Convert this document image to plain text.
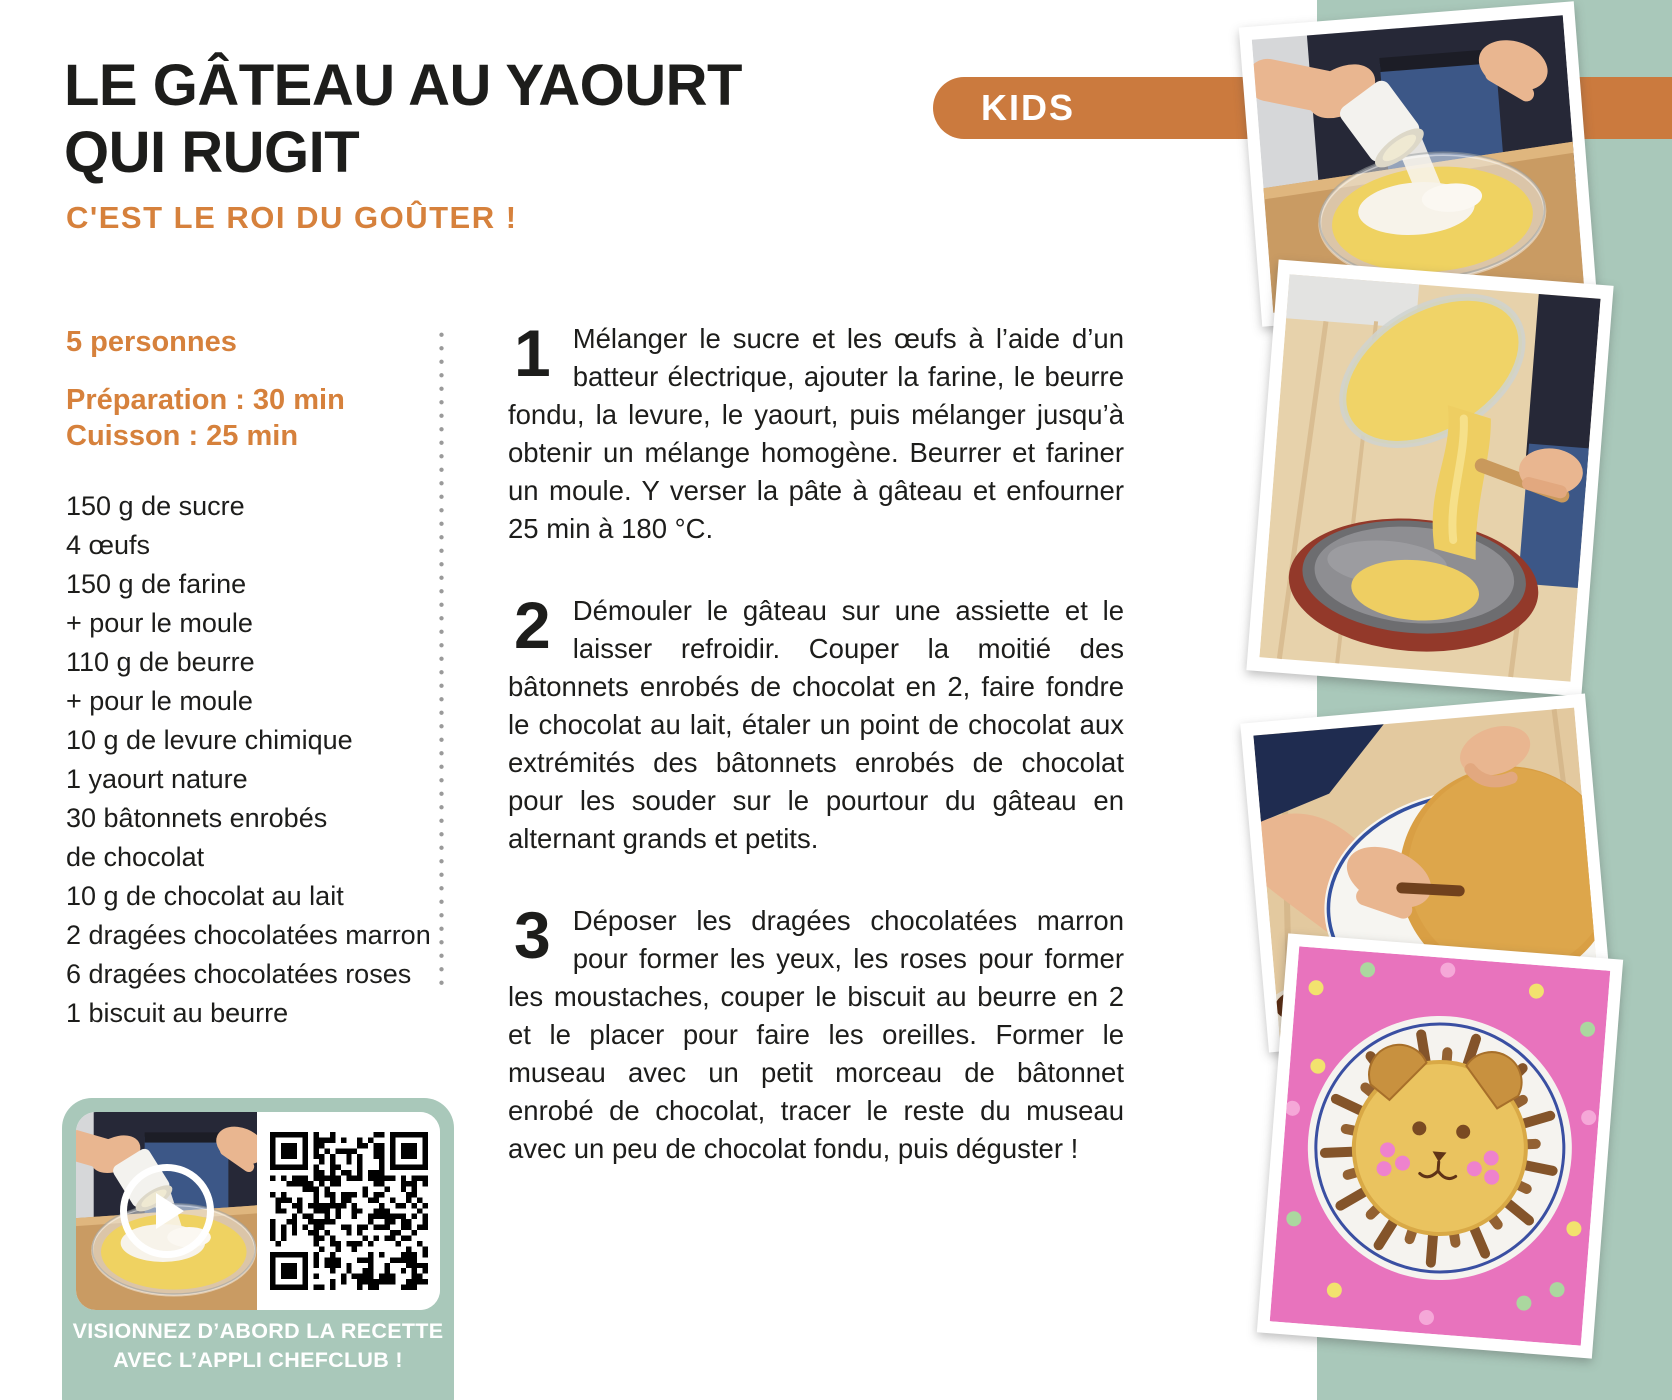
KIDS
LE GÂTEAU AU YAOURT
QUI RUGIT
C'EST LE ROI DU GOÛTER !
5 personnes
Préparation : 30 min
Cuisson : 25 min
150 g de sucre
4 œufs
150 g de farine
+ pour le moule
110 g de beurre
+ pour le moule
10 g de levure chimique
1 yaourt nature
30 bâtonnets enrobés
de chocolat
10 g de chocolat au lait
2 dragées chocolatées marron
6 dragées chocolatées roses
1 biscuit au beurre
1 Mélanger le sucre et les œufs à l’aide d’un batteur électrique, ajouter la farine, le beurre fondu, la levure, le yaourt, puis mélanger jusqu’à obtenir un mélange homogène. Beurrer et fariner un moule. Y verser la pâte à gâteau et enfourner 25 min à 180 °C.
2 Démouler le gâteau sur une assiette et le laisser refroidir. Couper la moitié des bâtonnets enrobés de chocolat en 2, faire fondre le chocolat au lait, étaler un point de chocolat aux extrémités des bâtonnets enrobés de chocolat pour les souder sur le pourtour du gâteau en alternant grands et petits.
3 Déposer les dragées chocolatées marron pour former les yeux, les roses pour former les moustaches, couper le biscuit au beurre en 2 et le placer pour faire les oreilles. Former le museau avec un petit morceau de bâtonnet enrobé de chocolat, tracer le reste du museau avec un peu de chocolat fondu, puis déguster !
VISIONNEZ D’ABORD LA RECETTE
AVEC L’APPLI CHEFCLUB !
